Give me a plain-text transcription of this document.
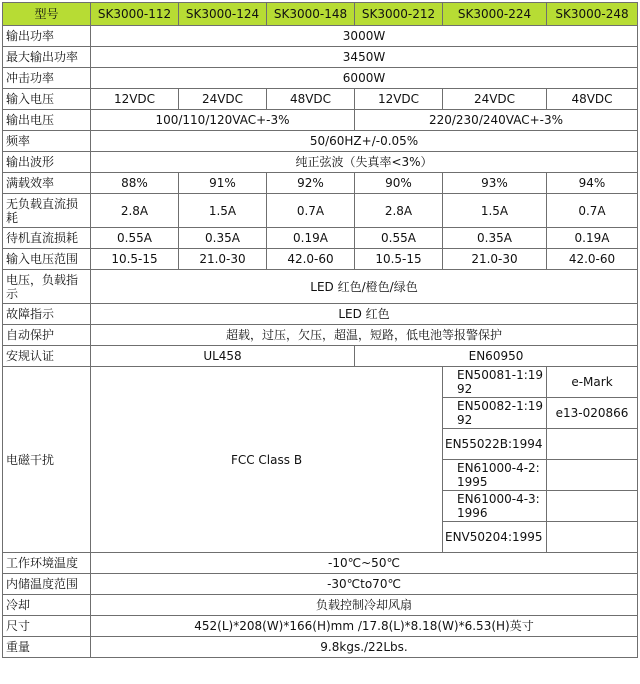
型号	SK3000-112	SK3000-124	SK3000-148	SK3000-212	SK3000-224	SK3000-248
输出功率	3000W					
最大输出功率	3450W					
冲击功率	6000W					
输入电压	12VDC	24VDC	48VDC	12VDC	24VDC	48VDC
输出电压	100/110/120VAC+-3%			220/230/240VAC+-3%		
频率	50/60HZ+/-0.05%					
输出波形	纯正弦波（失真率<3%）					
满载效率	88%	91%	92%	90%	93%	94%
无负载直流损耗	2.8A	1.5A	0.7A	2.8A	1.5A	0.7A
待机直流损耗	0.55A	0.35A	0.19A	0.55A	0.35A	0.19A
输入电压范围	10.5-15	21.0-30	42.0-60	10.5-15	21.0-30	42.0-60
电压，负载指示	LED 红色/橙色/绿色					
故障指示	LED 红色					
自动保护	超载，过压，欠压，超温，短路，低电池等报警保护					
安规认证	UL458			EN60950		
电磁干扰	FCC Class B				EN50081-1:1992	e-Mark
					EN50082-1:1992	e13-020866
					EN55022B:1994	
					EN61000-4-2:1995	
					EN61000-4-3:1996	
					ENV50204:1995	
工作环境温度	-10℃~50℃					
内储温度范围	-30℃to70℃					
冷却	负载控制冷却风扇					
尺寸	452(L)*208(W)*166(H)mm /17.8(L)*8.18(W)*6.53(H)英寸					
重量	9.8kgs./22Lbs.					
